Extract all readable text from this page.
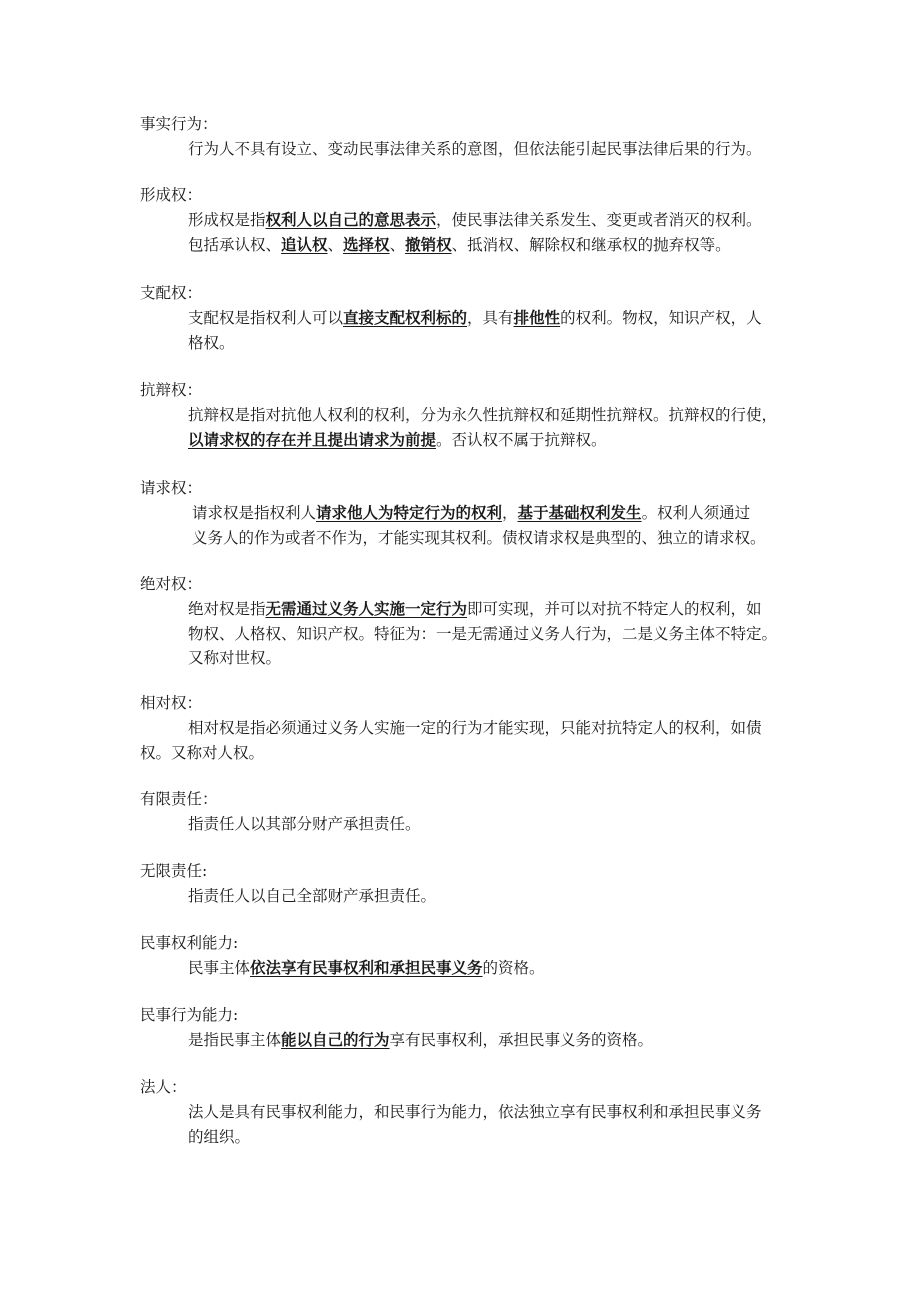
事实行为：
行为人不具有设立、变动民事法律关系的意图，但依法能引起民事法律后果的行为。
形成权：
形成权是指权利人以自己的意思表示，使民事法律关系发生、变更或者消灭的权利。
包括承认权、追认权、选择权、撤销权、抵消权、解除权和继承权的抛弃权等。
支配权：
支配权是指权利人可以直接支配权利标的，具有排他性的权利。物权，知识产权，人
格权。
抗辩权：
抗辩权是指对抗他人权利的权利，分为永久性抗辩权和延期性抗辩权。抗辩权的行使，
以请求权的存在并且提出请求为前提。否认权不属于抗辩权。
请求权：
请求权是指权利人请求他人为特定行为的权利，基于基础权利发生。权利人须通过
义务人的作为或者不作为，才能实现其权利。债权请求权是典型的、独立的请求权。
绝对权：
绝对权是指无需通过义务人实施一定行为即可实现，并可以对抗不特定人的权利，如
物权、人格权、知识产权。特征为：一是无需通过义务人行为，二是义务主体不特定。
又称对世权。
相对权：
相对权是指必须通过义务人实施一定的行为才能实现，只能对抗特定人的权利，如债
权。又称对人权。
有限责任：
指责任人以其部分财产承担责任。
无限责任:
指责任人以自己全部财产承担责任。
民事权利能力:
民事主体依法享有民事权利和承担民事义务的资格。
民事行为能力:
是指民事主体能以自己的行为享有民事权利，承担民事义务的资格。
法人：
法人是具有民事权利能力，和民事行为能力，依法独立享有民事权利和承担民事义务
的组织。
